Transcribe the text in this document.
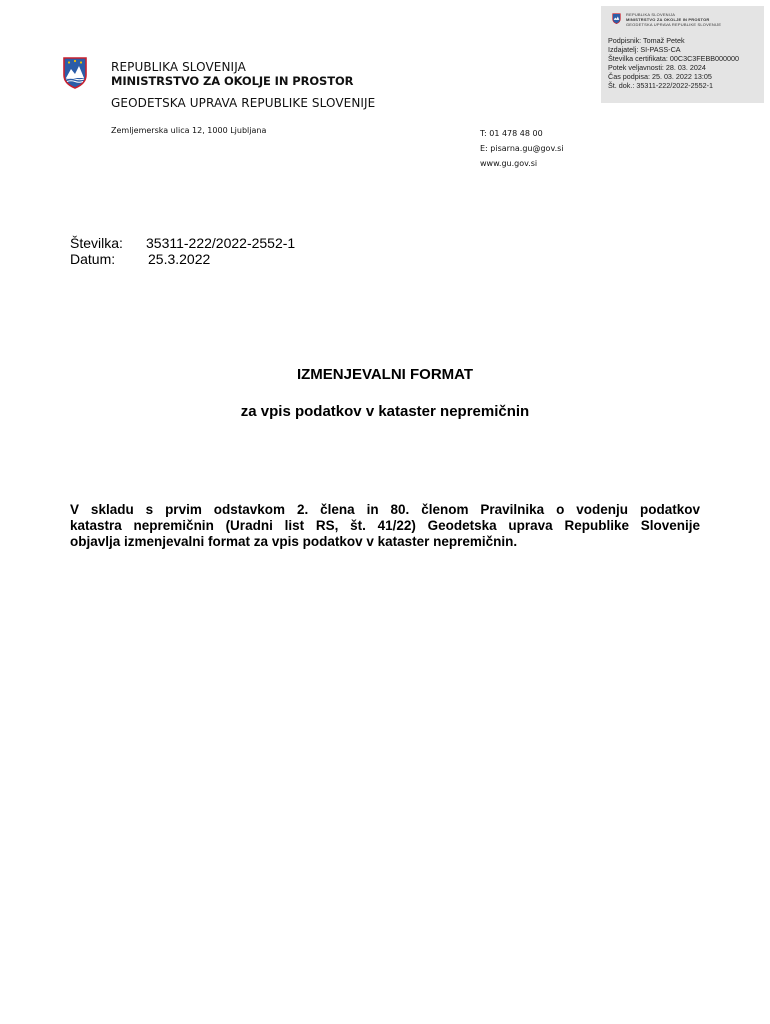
REPUBLIKA SLOVENIJA
MINISTRSTVO ZA OKOLJE IN PROSTOR
GEODETSKA UPRAVA REPUBLIKE SLOVENIJE
Podpisnik: Tomaž Petek
Izdajatelj: SI-PASS-CA
Številka certifikata: 00C3C3FEBB000000
Potek veljavnosti: 28. 03. 2024
Čas podpisa: 25. 03. 2022 13:05
Št. dok.: 35311-222/2022-2552-1
REPUBLIKA SLOVENIJA
MINISTRSTVO ZA OKOLJE IN PROSTOR
GEODETSKA UPRAVA REPUBLIKE SLOVENIJE
Zemljemerska ulica 12, 1000 Ljubljana	T: 01 478 48 00
E: pisarna.gu@gov.si
www.gu.gov.si
Številka:	35311-222/2022-2552-1
Datum:	25.3.2022
IZMENJEVALNI FORMAT
za vpis podatkov v kataster nepremičnin
V skladu s prvim odstavkom 2. člena in 80. členom Pravilnika o vodenju podatkov
katastra nepremičnin (Uradni list RS, št. 41/22) Geodetska uprava Republike Slovenije
objavlja izmenjevalni format za vpis podatkov v kataster nepremičnin.
